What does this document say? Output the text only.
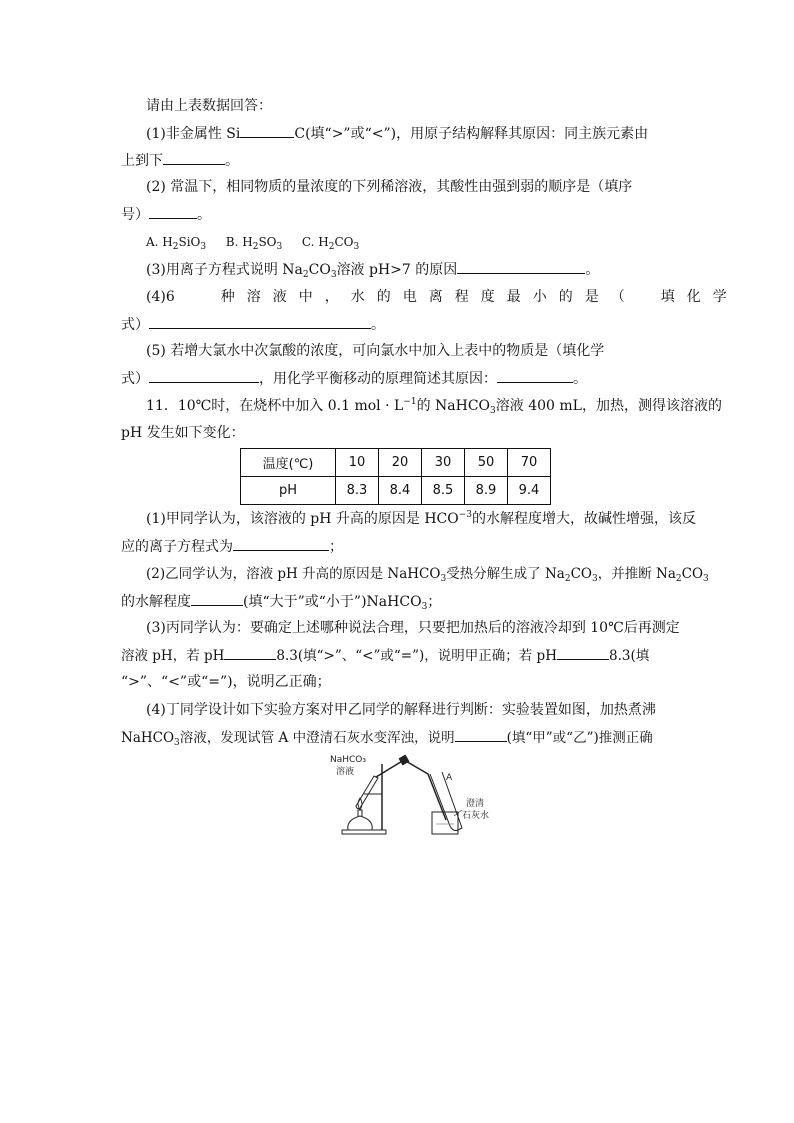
请由上表数据回答：
(1)非金属性 Si	C(填“>”或“<”)，用原子结构解释其原因：同主族元素由
上到下	。
(2) 常温下，相同物质的量浓度的下列稀溶液，其酸性由强到弱的顺序是（填序
号）	。
A. $H_2SiO_3$ B. $H_2SO_3$ C. $H_2CO_3$
(3)用离子方程式说明 $Na_2CO_3$溶液 pH>7 的原因	。
(4)6	种溶液中，水的电离程度最小的是（ 填化学
式）	。
(5) 若增大氯水中次氯酸的浓度，可向氯水中加入上表中的物质是（填化学
式）	，用化学平衡移动的原理简述其原因：	。
11．10℃时，在烧杯中加入 0.1 mol · $L^{-1}$的 NaHCO$_3$溶液 400 mL，加热，测得该溶液的
pH 发生如下变化：
温度(℃)	10	20	30	50	70
pH	8.3	8.4	8.5	8.9	9.4
(1)甲同学认为，该溶液的 pH 升高的原因是 $HCO^{-3}$的水解程度增大，故碱性增强，该反
应的离子方程式为	；
(2)乙同学认为，溶液 pH 升高的原因是 NaHCO$_3$受热分解生成了 $Na_2CO_3$，并推断 $Na_2CO_3$
的水解程度	(填“大于”或“小于”)NaHCO$_3$；
(3)丙同学认为：要确定上述哪种说法合理，只要把加热后的溶液冷却到 10℃后再测定
溶液 pH，若 pH	8.3(填“>”、“<”或“=”)，说明甲正确；若 pH	8.3(填
“>”、“<”或“=”)，说明乙正确；
(4)丁同学设计如下实验方案对甲乙同学的解释进行判断：实验装置如图，加热煮沸
NaHCO$_3$溶液，发现试管 A 中澄清石灰水变浑浊，说明	(填“甲”或“乙”)推测正确
NaHCO₃
溶液
A
澄清
石灰水
